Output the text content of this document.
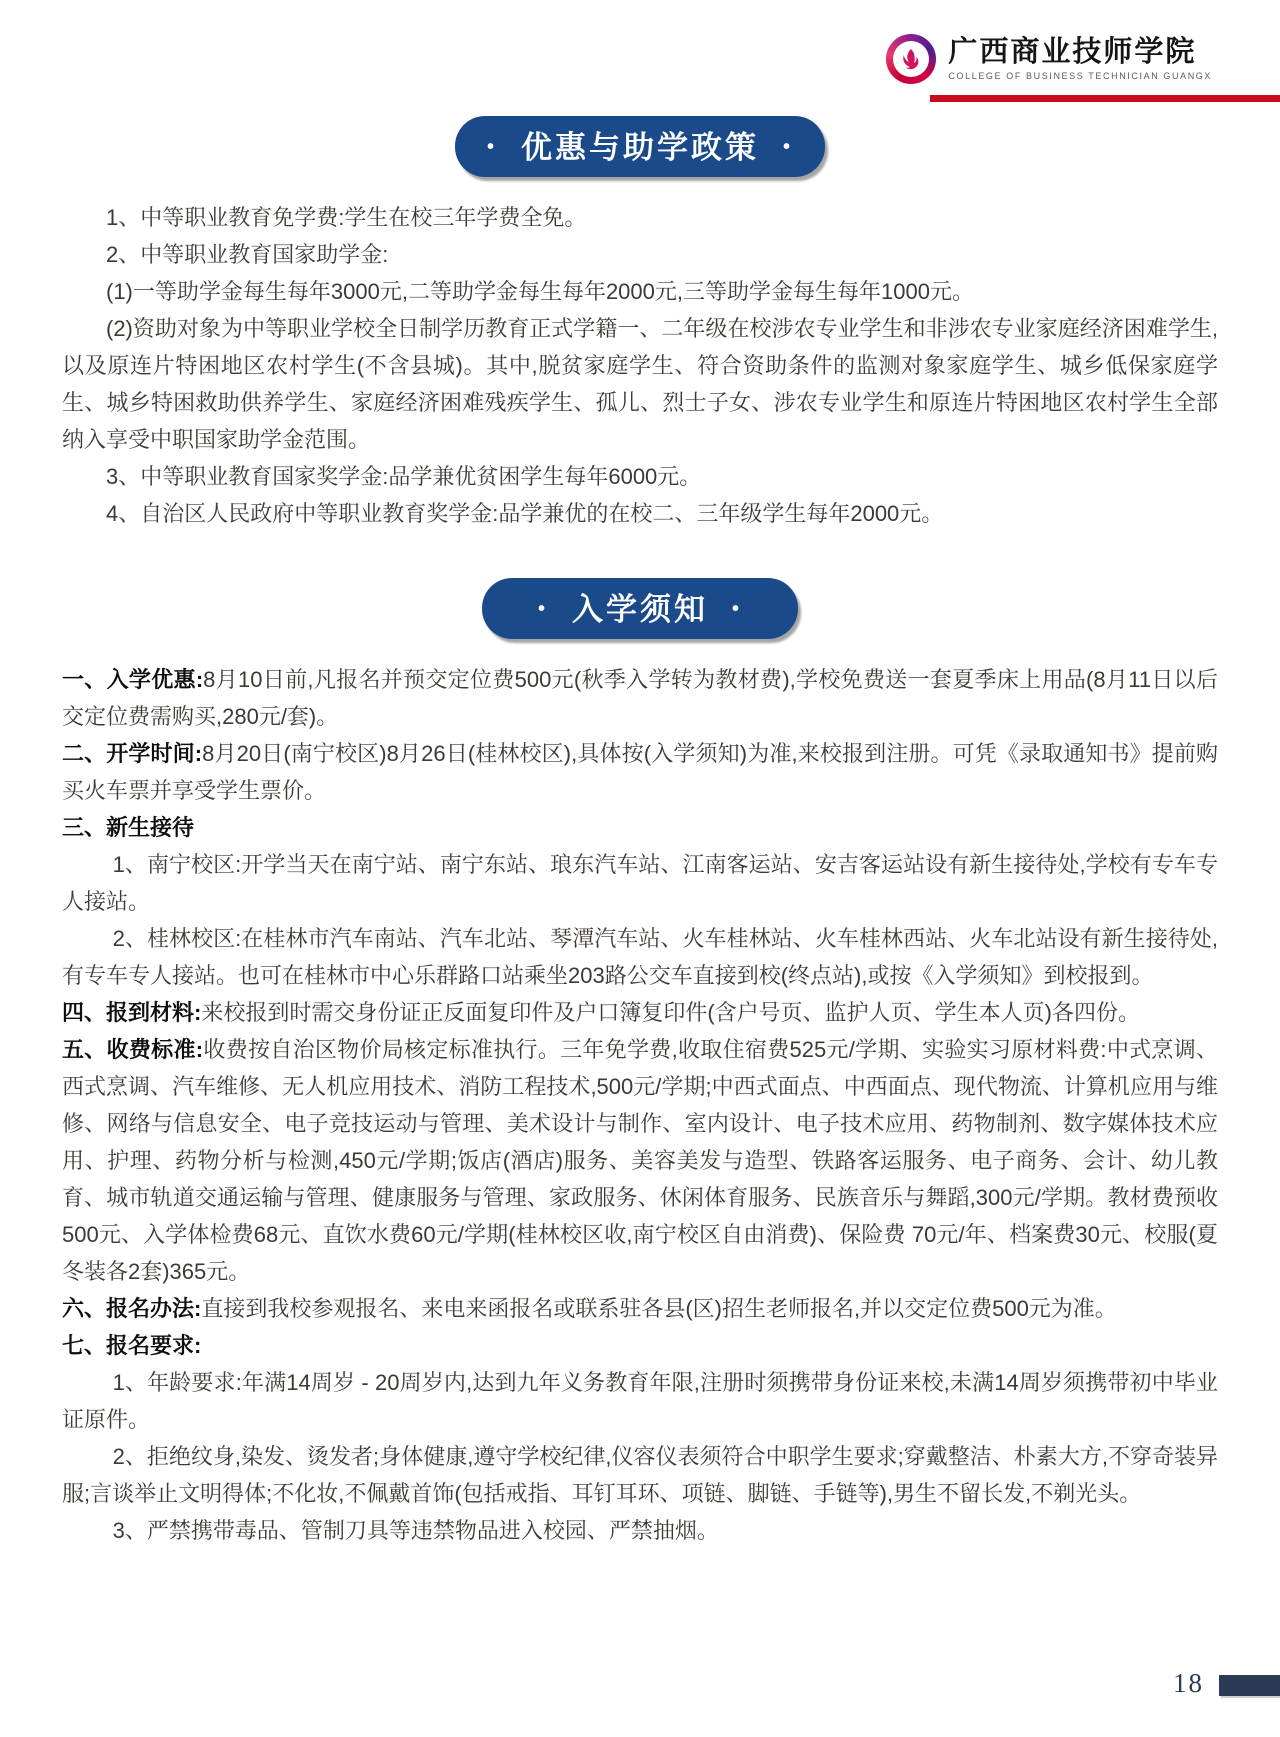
广西商业技师学院
COLLEGE OF BUSINESS TECHNICIAN GUANGX
• 优惠与助学政策 •

1、中等职业教育免学费:学生在校三年学费全免。

2、中等职业教育国家助学金:

(1)一等助学金每生每年3000元,二等助学金每生每年2000元,三等助学金每生每年1000元。

(2)资助对象为中等职业学校全日制学历教育正式学籍一、二年级在校涉农专业学生和非涉农专业家庭经济困难学生,以及原连片特困地区农村学生(不含县城)。其中,脱贫家庭学生、符合资助条件的监测对象家庭学生、城乡低保家庭学生、城乡特困救助供养学生、家庭经济困难残疾学生、孤儿、烈士子女、涉农专业学生和原连片特困地区农村学生全部纳入享受中职国家助学金范围。

3、中等职业教育国家奖学金:品学兼优贫困学生每年6000元。

4、自治区人民政府中等职业教育奖学金:品学兼优的在校二、三年级学生每年2000元。

• 入学须知 •

一、入学优惠:8月10日前,凡报名并预交定位费500元(秋季入学转为教材费),学校免费送一套夏季床上用品(8月11日以后交定位费需购买,280元/套)。

二、开学时间:8月20日(南宁校区)8月26日(桂林校区),具体按(入学须知)为准,来校报到注册。可凭《录取通知书》提前购买火车票并享受学生票价。

三、新生接待

1、南宁校区:开学当天在南宁站、南宁东站、琅东汽车站、江南客运站、安吉客运站设有新生接待处,学校有专车专人接站。

2、桂林校区:在桂林市汽车南站、汽车北站、琴潭汽车站、火车桂林站、火车桂林西站、火车北站设有新生接待处,有专车专人接站。也可在桂林市中心乐群路口站乘坐203路公交车直接到校(终点站),或按《入学须知》到校报到。

四、报到材料:来校报到时需交身份证正反面复印件及户口簿复印件(含户号页、监护人页、学生本人页)各四份。

五、收费标准:收费按自治区物价局核定标准执行。三年免学费,收取住宿费525元/学期、实验实习原材料费:中式烹调、西式烹调、汽车维修、无人机应用技术、消防工程技术,500元/学期;中西式面点、中西面点、现代物流、计算机应用与维修、网络与信息安全、电子竞技运动与管理、美术设计与制作、室内设计、电子技术应用、药物制剂、数字媒体技术应用、护理、药物分析与检测,450元/学期;饭店(酒店)服务、美容美发与造型、铁路客运服务、电子商务、会计、幼儿教育、城市轨道交通运输与管理、健康服务与管理、家政服务、休闲体育服务、民族音乐与舞蹈,300元/学期。教材费预收500元、入学体检费68元、直饮水费60元/学期(桂林校区收,南宁校区自由消费)、保险费 70元/年、档案费30元、校服(夏冬装各2套)365元。

六、报名办法:直接到我校参观报名、来电来函报名或联系驻各县(区)招生老师报名,并以交定位费500元为准。

七、报名要求:

1、年龄要求:年满14周岁 - 20周岁内,达到九年义务教育年限,注册时须携带身份证来校,未满14周岁须携带初中毕业证原件。

2、拒绝纹身,染发、烫发者;身体健康,遵守学校纪律,仪容仪表须符合中职学生要求;穿戴整洁、朴素大方,不穿奇装异服;言谈举止文明得体;不化妆,不佩戴首饰(包括戒指、耳钉耳环、项链、脚链、手链等),男生不留长发,不剃光头。

3、严禁携带毒品、管制刀具等违禁物品进入校园、严禁抽烟。

18
